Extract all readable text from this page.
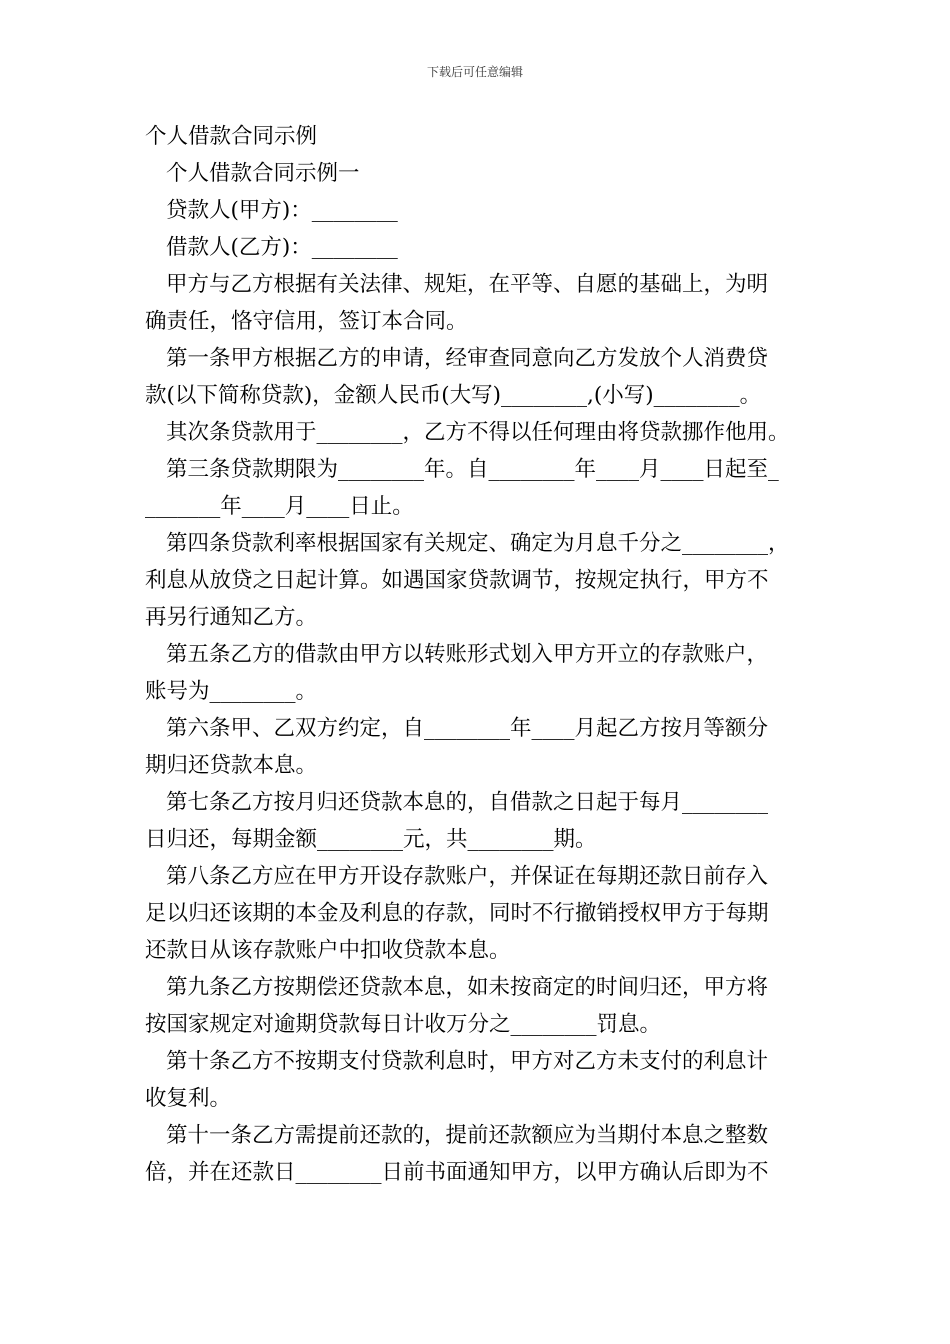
下载后可任意编辑
个人借款合同示例
个人借款合同示例一
贷款人(甲方)：________
借款人(乙方)：________
甲方与乙方根据有关法律、规矩，在平等、自愿的基础上，为明
确责任，恪守信用，签订本合同。
第一条甲方根据乙方的申请，经审查同意向乙方发放个人消费贷
款(以下简称贷款)，金额人民币(大写)________,(小写)________。
其次条贷款用于________，乙方不得以任何理由将贷款挪作他用。
第三条贷款期限为________年。自________年____月____日起至_
_______年____月____日止。
第四条贷款利率根据国家有关规定、确定为月息千分之________，
利息从放贷之日起计算。如遇国家贷款调节，按规定执行，甲方不
再另行通知乙方。
第五条乙方的借款由甲方以转账形式划入甲方开立的存款账户，
账号为________。
第六条甲、乙双方约定，自________年____月起乙方按月等额分
期归还贷款本息。
第七条乙方按月归还贷款本息的，自借款之日起于每月________
日归还，每期金额________元，共________期。
第八条乙方应在甲方开设存款账户，并保证在每期还款日前存入
足以归还该期的本金及利息的存款，同时不行撤销授权甲方于每期
还款日从该存款账户中扣收贷款本息。
第九条乙方按期偿还贷款本息，如未按商定的时间归还，甲方将
按国家规定对逾期贷款每日计收万分之________罚息。
第十条乙方不按期支付贷款利息时，甲方对乙方未支付的利息计
收复利。
第十一条乙方需提前还款的，提前还款额应为当期付本息之整数
倍，并在还款日________日前书面通知甲方，以甲方确认后即为不
